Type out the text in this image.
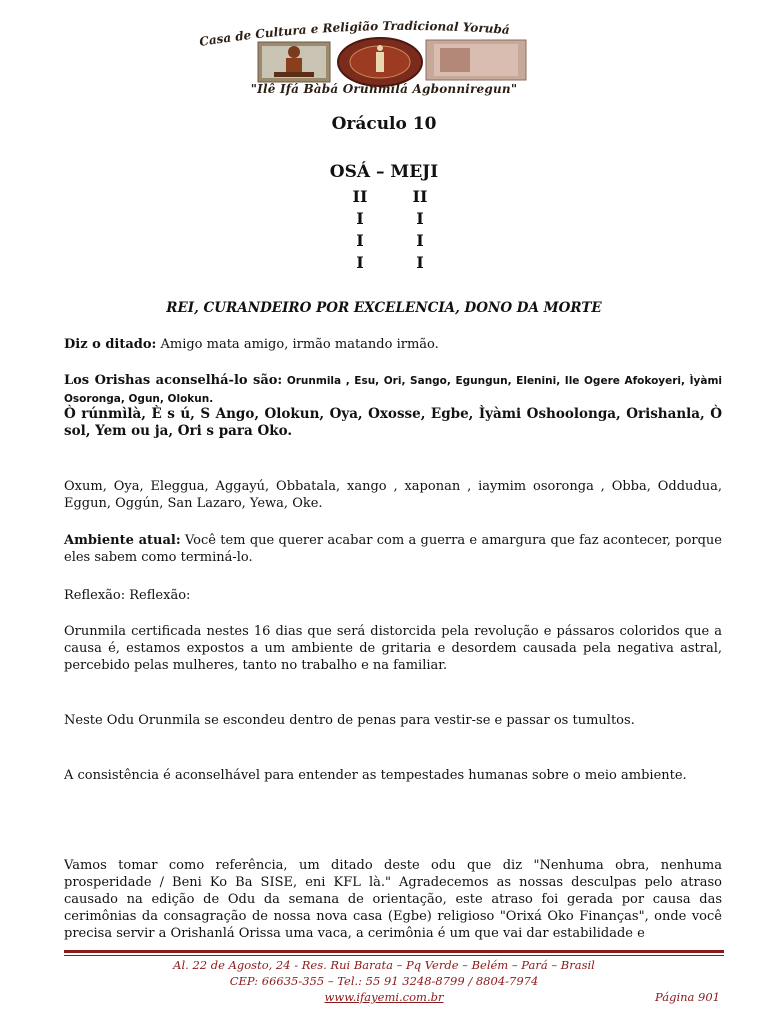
Casa de Cultura e Religião Tradicional Yorubá
"Ilê Ifá Bàbá Orùnmilá Agbonniregun"
Oráculo 10
OSÁ – MEJI
II	II
I	I
I	I
I	I
REI, CURANDEIRO POR EXCELENCIA, DONO DA MORTE
Diz o ditado: Amigo mata amigo, irmão matando irmão.
Los Orishas aconselhá-lo são: Orunmila , Esu, Ori, Sango, Egungun, Elenini, Ile Ogere Afokoyeri, Ìyàmi Osoronga, Ogun, Olokun.
Ò rúnmìlà, È s ú, S Ango, Olokun, Oya, Oxosse, Egbe, Ìyàmi Oshoolonga, Orishanla, Ò sol, Yem ou ja, Ori s para Oko.
Oxum, Oya, Eleggua, Aggayú, Obbatala, xango , xaponan , iaymim osoronga , Obba, Oddudua, Eggun, Oggún, San Lazaro, Yewa, Oke.
Ambiente atual: Você tem que querer acabar com a guerra e amargura que faz acontecer, porque eles sabem como terminá-lo.
Reflexão: Reflexão:
Orunmila certificada nestes 16 dias que será distorcida pela revolução e pássaros coloridos que a causa é, estamos expostos a um ambiente de gritaria e desordem causada pela negativa astral, percebido pelas mulheres, tanto no trabalho e na familiar.
Neste Odu Orunmila se escondeu dentro de penas para vestir-se e passar os tumultos.
A consistência é aconselhável para entender as tempestades humanas sobre o meio ambiente.
Vamos tomar como referência, um ditado deste odu que diz "Nenhuma obra, nenhuma prosperidade / Beni Ko Ba SISE, eni KFL là." Agradecemos as nossas desculpas pelo atraso causado na edição de Odu da semana de orientação, este atraso foi gerada por causa das cerimônias da consagração de nossa nova casa (Egbe) religioso "Orixá Oko Finanças", onde você precisa servir a Orishanlá Orissa uma vaca, a cerimônia é um que vai dar estabilidade e
Al. 22 de Agosto, 24 - Res. Rui Barata – Pq Verde – Belém – Pará – Brasil
CEP: 66635-355 – Tel.: 55 91 3248-8799 / 8804-7974
www.ifayemi.com.br	Página 901
